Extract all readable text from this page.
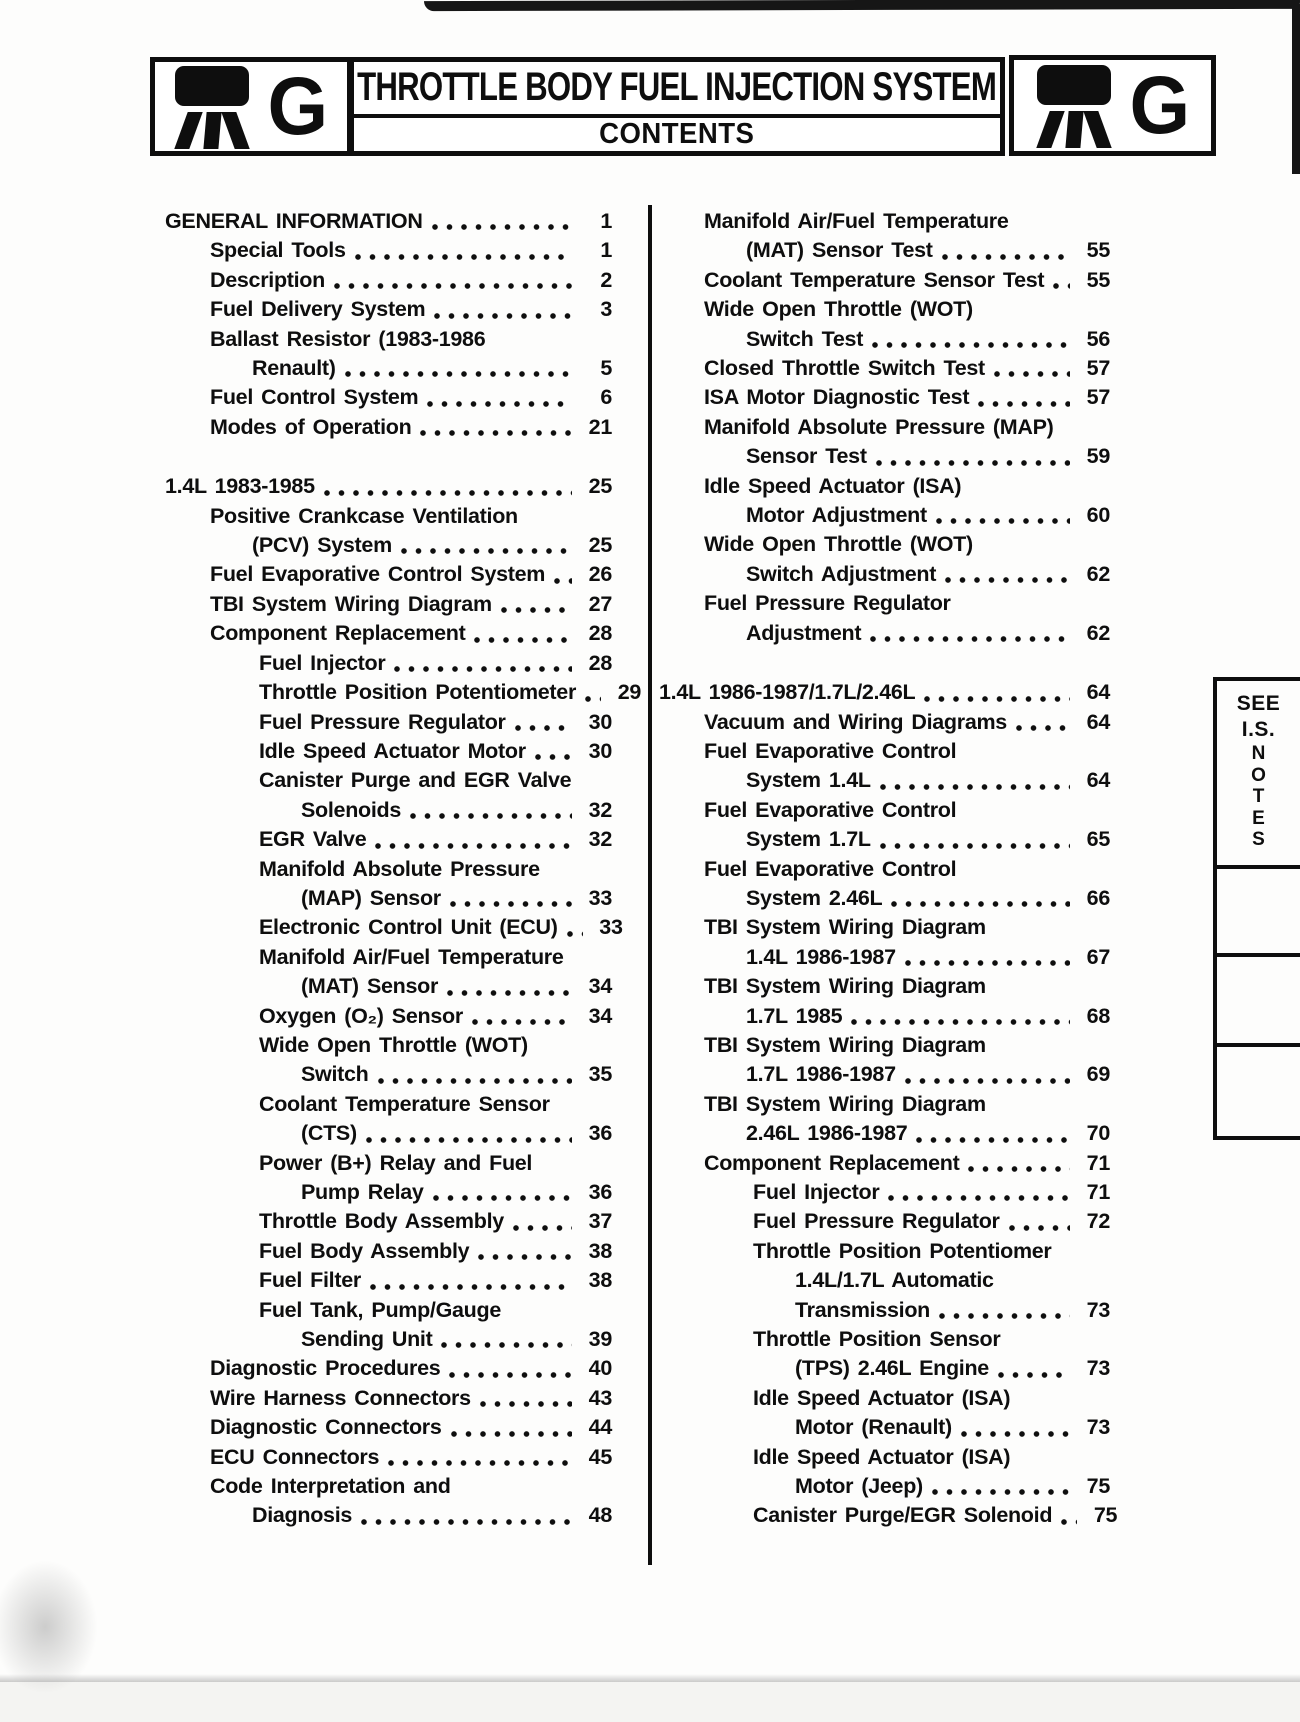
G THROTTLE BODY FUEL INJECTION SYSTEM
CONTENTS	G
GENERAL INFORMATION	1
Special Tools	1
Description	2
Fuel Delivery System	3
Ballast Resistor (1983-1986
Renault)	5
Fuel Control System	6
Modes of Operation	21
1.4L 1983-1985	25
Positive Crankcase Ventilation
(PCV) System	25
Fuel Evaporative Control System	26
TBI System Wiring Diagram	27
Component Replacement	28
Fuel Injector	28
Throttle Position Potentiometer	29
Fuel Pressure Regulator	30
Idle Speed Actuator Motor	30
Canister Purge and EGR Valve
Solenoids	32
EGR Valve	32
Manifold Absolute Pressure
(MAP) Sensor	33
Electronic Control Unit (ECU)	33
Manifold Air/Fuel Temperature
(MAT) Sensor	34
Oxygen (O₂) Sensor	34
Wide Open Throttle (WOT)
Switch	35
Coolant Temperature Sensor
(CTS)	36
Power (B+) Relay and Fuel
Pump Relay	36
Throttle Body Assembly	37
Fuel Body Assembly	38
Fuel Filter	38
Fuel Tank, Pump/Gauge
Sending Unit	39
Diagnostic Procedures	40
Wire Harness Connectors	43
Diagnostic Connectors	44
ECU Connectors	45
Code Interpretation and
Diagnosis	48
Manifold Air/Fuel Temperature
(MAT) Sensor Test	55
Coolant Temperature Sensor Test	55
Wide Open Throttle (WOT)
Switch Test	56
Closed Throttle Switch Test	57
ISA Motor Diagnostic Test	57
Manifold Absolute Pressure (MAP)
Sensor Test	59
Idle Speed Actuator (ISA)
Motor Adjustment	60
Wide Open Throttle (WOT)
Switch Adjustment	62
Fuel Pressure Regulator
Adjustment	62
1.4L 1986-1987/1.7L/2.46L	64
Vacuum and Wiring Diagrams	64
Fuel Evaporative Control
System 1.4L	64
Fuel Evaporative Control
System 1.7L	65
Fuel Evaporative Control
System 2.46L	66
TBI System Wiring Diagram
1.4L 1986-1987	67
TBI System Wiring Diagram
1.7L 1985	68
TBI System Wiring Diagram
1.7L 1986-1987	69
TBI System Wiring Diagram
2.46L 1986-1987	70
Component Replacement	71
Fuel Injector	71
Fuel Pressure Regulator	72
Throttle Position Potentiomer
1.4L/1.7L Automatic
Transmission	73
Throttle Position Sensor
(TPS) 2.46L Engine	73
Idle Speed Actuator (ISA)
Motor (Renault)	73
Idle Speed Actuator (ISA)
Motor (Jeep)	75
Canister Purge/EGR Solenoid	75
SEE
I.S.
N
O
T
E
S
